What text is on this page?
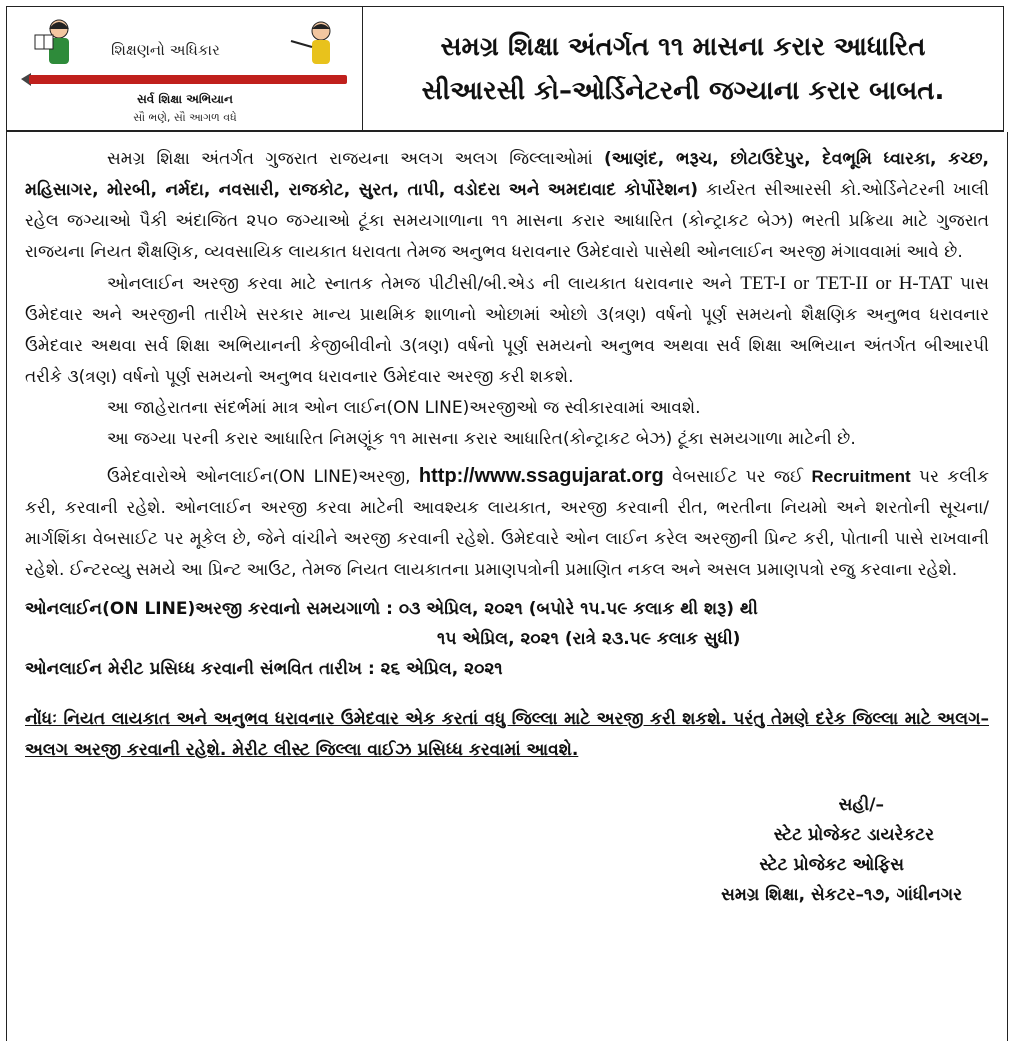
શિક્ષણનો અધિકાર
સર્વ શિક્ષા અભિયાન
સૌ ભણે, સૌ આગળ વધે
સમગ્ર શિક્ષા અંતર્ગત ૧૧ માસના કરાર આધારિત
સીઆરસી કો–ઓર્ડિનેટરની જગ્યાના કરાર બાબત.

સમગ્ર શિક્ષા અંતર્ગત ગુજરાત રાજયના અલગ અલગ જિલ્લાઓમાં (આણંદ, ભરૂચ, છોટાઉદેપુર, દેવભૂમિ ધ્વારકા, કચ્છ, મહિસાગર, મોરબી, નર્મદા, નવસારી, રાજકોટ, સુરત, તાપી, વડોદરા અને અમદાવાદ કોર્પોરેશન) કાર્યરત સીઆરસી કો.ઓર્ડિનેટરની ખાલી રહેલ જગ્યાઓ પૈકી અંદાજિત ૨૫૦ જગ્યાઓ ટૂંકા સમયગાળાના ૧૧ માસના કરાર આધારિત (કોન્ટ્રાકટ બેઝ) ભરતી પ્રક્રિયા માટે ગુજરાત રાજયના નિયત શૈક્ષણિક, વ્યવસાયિક લાયકાત ધરાવતા તેમજ અનુભવ ધરાવનાર ઉમેદવારો પાસેથી ઓનલાઈન અરજી મંગાવવામાં આવે છે.

ઓનલાઈન અરજી કરવા માટે સ્નાતક તેમજ પીટીસી/બી.એડ ની લાયકાત ધરાવનાર અને TET-I or TET-II or H-TAT પાસ ઉમેદવાર અને અરજીની તારીખે સરકાર માન્ય પ્રાથમિક શાળાનો ઓછામાં ઓછો ૩(ત્રણ) વર્ષનો પૂર્ણ સમયનો શૈક્ષણિક અનુભવ ધરાવનાર ઉમેદવાર અથવા સર્વ શિક્ષા અભિયાનની કેજીબીવીનો ૩(ત્રણ) વર્ષનો પૂર્ણ સમયનો અનુભવ અથવા સર્વ શિક્ષા અભિયાન અંતર્ગત બીઆરપી તરીકે ૩(ત્રણ) વર્ષનો પૂર્ણ સમયનો અનુભવ ધરાવનાર ઉમેદવાર અરજી કરી શકશે.

આ જાહેરાતના સંદર્ભમાં માત્ર ઓન લાઈન(ON LINE)અરજીઓ જ સ્વીકારવામાં આવશે.

આ જગ્યા પરની કરાર આધારિત નિમણૂંક ૧૧ માસના કરાર આધારિત(કોન્ટ્રાકટ બેઝ) ટૂંકા સમયગાળા માટેની છે.

ઉમેદવારોએ ઓનલાઈન(ON LINE)અરજી, http://www.ssagujarat.org વેબસાઈટ પર જઈ Recruitment પર કલીક કરી, કરવાની રહેશે. ઓનલાઈન અરજી કરવા માટેની આવશ્યક લાયકાત, અરજી કરવાની રીત, ભરતીના નિયમો અને શરતોની સૂચના/માર્ગશિંકા વેબસાઈટ પર મૂકેલ છે, જેને વાંચીને અરજી કરવાની રહેશે. ઉમેદવારે ઓન લાઈન કરેલ અરજીની પ્રિન્ટ કરી, પોતાની પાસે રાખવાની રહેશે. ઈન્ટરવ્યુ સમયે આ પ્રિન્ટ આઉટ, તેમજ નિયત લાયકાતના પ્રમાણપત્રોની પ્રમાણિત નકલ અને અસલ પ્રમાણપત્રો રજુ કરવાના રહેશે.

ઓનલાઈન(ON LINE)અરજી કરવાનો સમયગાળો : ૦૩ એપ્રિલ, ૨૦૨૧ (બપોરે ૧૫.૫૯ કલાક થી શરૂ) થી
૧૫ એપ્રિલ, ૨૦૨૧ (રાત્રે ૨૩.૫૯ કલાક સુધી)
ઓનલાઈન મેરીટ પ્રસિધ્ધ કરવાની સંભવિત તારીખ : ૨૬ એપ્રિલ, ૨૦૨૧

નોંધઃ નિયત લાયકાત અને અનુભવ ધરાવનાર ઉમેદવાર એક કરતાં વધુ જિલ્લા માટે અરજી કરી શકશે. પરંતુ તેમણે દરેક જિલ્લા માટે અલગ–અલગ અરજી કરવાની રહેશે. મેરીટ લીસ્ટ જિલ્લા વાઈઝ પ્રસિધ્ધ કરવામાં આવશે.

સહી/–
સ્ટેટ પ્રોજેકટ ડાયરેકટર
સ્ટેટ પ્રોજેકટ ઓફિસ
સમગ્ર શિક્ષા, સેકટર–૧૭, ગાંધીનગર
